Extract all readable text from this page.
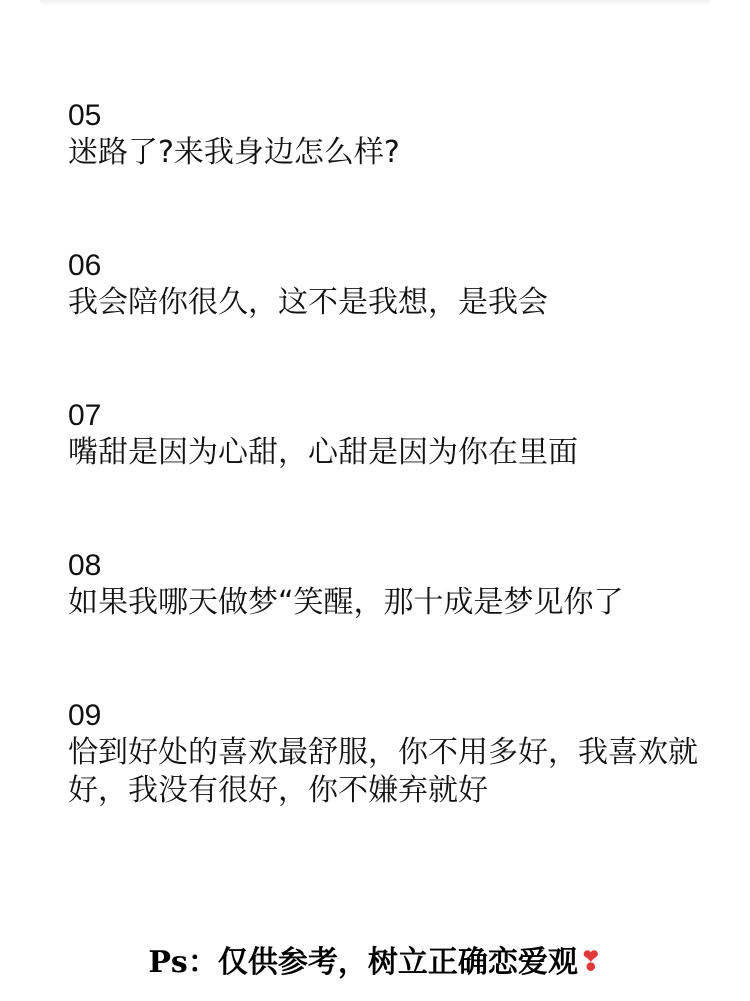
05

迷路了?来我身边怎么样?

06

我会陪你很久，这不是我想，是我会

07

嘴甜是因为心甜，心甜是因为你在里面

08

如果我哪天做梦“笑醒，那十成是梦见你了

09

恰到好处的喜欢最舒服，你不用多好，我喜欢就好，我没有很好，你不嫌弃就好

Ps：仅供参考，树立正确恋爱观❣
